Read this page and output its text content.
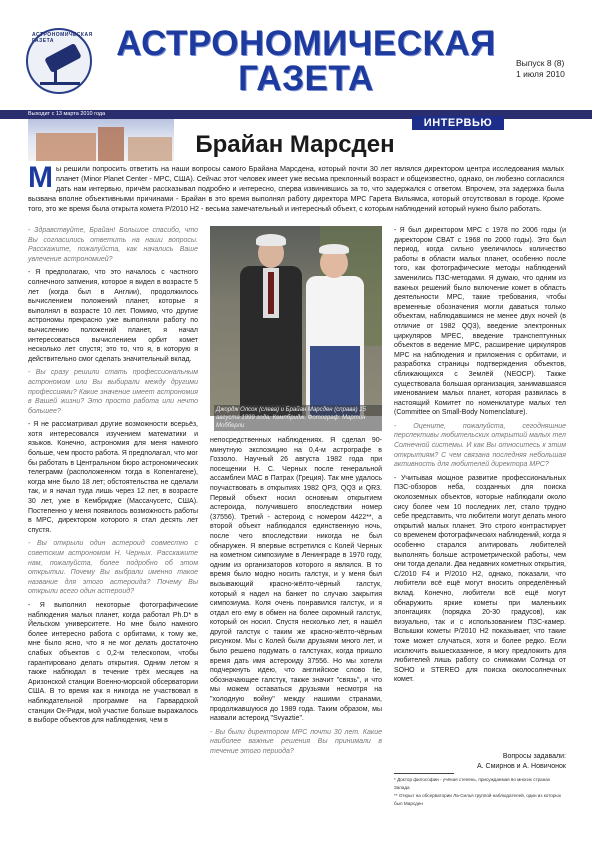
АСТРОНОМИЧЕСКАЯ ГАЗЕТА	АСТРОНОМИЧЕСКАЯ
ГАЗЕТА	Выпуск 8 (8)
1 июля 2010
Выходит с 13 марта 2010 года
ИНТЕРВЬЮ
Брайан Марсден
М ы решили попросить ответить на наши вопросы самого Брайана Марсдена, который почти 30 лет являлся директором центра исследования малых планет (Minor Planet Center - MPC, США). Сейчас этот человек имеет уже весьма преклонный возраст и общеизвестно, однако, он любезно согласился дать нам интервью, причём рассказывал подробно и интересно, сперва извинившись за то, что задержался с ответом. Впрочем, эта задержка была вызвана вполне объективными причинами - Брайан в это время выполнял работу директора MPC Гарета Вильямса, который отсутствовал в городе. Кроме того, это же время была открыта комета P/2010 H2 - весьма замечательный и интересный объект, с которым наблюдений который нужно было работать.

- Здравствуйте, Брайан! Большое спасибо, что Вы согласились ответить на наши вопросы. Расскажите, пожалуйста, как начались Ваше увлечение астрономией?

- Я предполагаю, что это началось с частного солнечного затмения, которое я видел в возрасте 5 лет (когда был в Англии), продолжилось вычислением положений планет, которые я выполнял в возрасте 10 лет. Помимо, что другие астрономы прекрасно уже выполняли работу по вычислению положений планет, я начал интересоваться вычислением орбит комет несколько лет спустя; это то, что я, в которую я действительно смог сделать значительный вклад.

- Вы сразу решили стать профессиональным астрономом или Вы выбирали между другими профессиями? Какие значение имеет астрономия в Вашей жизни? Это просто работа или нечто большее?

- Я не рассматривал другие возможности всерьёз, хотя интересовался изучением математики и языков. Конечно, астрономия для меня намного больше, чем просто работа. Я предполагал, что мог бы работать в Центральном бюро астрономических телеграмм (расположенном тогда в Копенгагене), когда мне было 18 лет; обстоятельства не сделали так, и я начал туда лишь через 12 лет, в возрасте 30 лет, уже в Кембридже (Массачусетс, США). Постепенно у меня появилось возможность работы в MPC, директором которого я стал десять лет спустя.

- Вы открыли один астероид совместно с советским астрономом Н. Черных. Расскажите нам, пожалуйста, более подробно об этом открытии. Почему Вы выбрали именно такое название для этого астероида? Почему Вы открыли всего один астероид?

- Я выполнил некоторые фотографические наблюдения малых планет, когда работал Ph.D* в Йельском университете. Но мне было намного более интересно работа с орбитами, к тому же, мне было ясно, что я не мог делать достаточно слабых объектов с 0,2-м телескопом, чтобы гарантировано делать открытия. Одним летом я также наблюдал в течение трёх месяцев на Аризонской станции Военно-морской обсерватории США. В то время как я никогда не участвовал в наблюдательной программе на Гарвардской станции Ок-Ридж, мой участие больше выражалось в выборе объектов для наблюдения, чем в

Джордж Олсок (слева) и Брайан Марсден (справа) 15 августа 1999 года, Кемпбридж. Фотограф: Мартин Мобберли

непосредственных наблюдениях. Я сделал 90-минутную экспозицию на 0,4-м астрографе в Гоззоло. Научный 26 августа 1982 года при посещении Н. С. Черных после генеральной ассамблеи МАС в Патрах (Греция). Так мне удалось поучаствовать в открытиях 1982 QP3, QQ3 и QR3. Первый объект носил основным открытием астероида, получившего впоследствии номер (37556). Третий - астероид с номером 4422**, а второй объект наблюдался единственную ночь, после чего впоследствии никогда не был обнаружен. Я впервые встретился с Колей Черных на кометном симпозиуме в Ленинграде в 1970 году, одним из организаторов которого я являлся. В то время было модно носить галстук, и у меня был вызывающий красно-жёлто-чёрный галстук, который я надел на банкет по случаю закрытия симпозиума. Коля очень понравился галстук, и я отдал его ему в обмен на более скромный галстук, который он носил. Спустя несколько лет, я нашёл другой галстук с таким же красно-жёлто-чёрным рисунком. Мы с Колей были друзьями много лет, и было решено подумать о галстуках, когда пришло время дать имя астероиду 37556. Но мы хотели подчеркнуть идею, что английское слово tie, обозначающее галстук, также значит "связь", и что мы можем оставаться друзьями несмотря на "холодную войну" между нашими странами, продолжавшуюся до 1989 года. Таким образом, мы назвали астероид "Svyaztie".

- Вы были директором MPC почти 30 лет. Какие наиболее важные решения Вы принимали в течение этого периода?

- Я был директором MPC с 1978 по 2006 годы (и директором CBAT с 1968 по 2000 годы). Это был период, когда сильно увеличилось количество работы в области малых планет, особенно после того, как фотографические методы наблюдений заменились ПЗС-методами. Я думаю, что одним из важных решений было включение комет в область деятельности MPC, такие требования, чтобы временные обозначения могли даваться только объектам, наблюдавшимся не менее двух ночей (в отличие от 1982 QQ3), введение электронных циркуляров MPEC, введение трансnептунных объектов в ведение MPC, расширение циркуляров MPC на наблюдения и приложения с орбитами, и разработка страницы подтверждения объектов, сближающихся с Землёй (NEOCP). Также существовала большая организация, занимавшаяся именованием малых планет, которая развилась в настоящий Комитет по номенклатуре малых тел (Committee on Small-Body Nomenclature).

- Оцените, пожалуйста, сегодняшние перспективы любительских открытий малых тел Солнечной системы. И как Вы относитесь к этим открытиям? С чем связана последняя небольшая активность для любителей директора MPC?

- Учитывая мощное развитие профессиональных ПЗС-обзоров неба, созданных для поиска околоземных объектов, которые наблюдали около сису более чем 10 последних лет, стало трудно себе представить, что любители могут делать много открытий малых планет. Это строго контрастирует со временем фотографических наблюдений, когда я особенно старался агитировать любителей выполнять больше астрометрической работы, чем они тогда делали. Два недавних кометных открытия, C/2010 F4 и P/2010 H2, однако, показали, что любители всё ещё могут вносить определённый вклад. Конечно, любители всё ещё могут обнаружить яркие кометы при маленьких элонгациях (порядка 20-30 градусов), как визуально, так и с использованием ПЗС-камер. Вспышки кометы P/2010 H2 показывает, что такие тоже может случаться, хотя и более редко. Если исключить вышесказанное, я могу предложить для любителей лишь работу со снимками Солнца от SOHO и STEREO для поиска околосолнечных комет.

Вопросы задавали:
А. Смирнов и А. Новичонок
* Доктор философии - учёная степень, присуждаемая во многих странах Запада
** Открыт на обсерватории Ла-Силья группой наблюдателей, один из которых был Марсден
